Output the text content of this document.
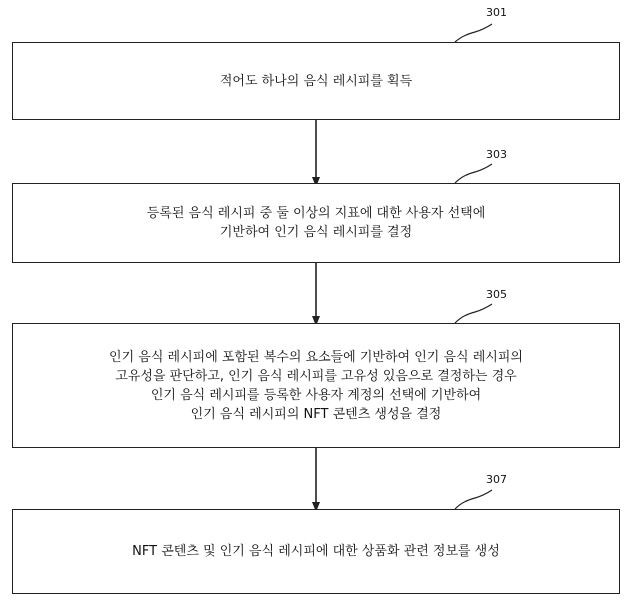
301
303
305
307
적어도 하나의 음식 레시피를 획득
등록된 음식 레시피 중 둘 이상의 지표에 대한 사용자 선택에
기반하여 인기 음식 레시피를 결정
인기 음식 레시피에 포함된 복수의 요소들에 기반하여 인기 음식 레시피의
고유성을 판단하고, 인기 음식 레시피를 고유성 있음으로 결정하는 경우
인기 음식 레시피를 등록한 사용자 계정의 선택에 기반하여
인기 음식 레시피의 NFT 콘텐츠 생성을 결정
NFT 콘텐츠 및 인기 음식 레시피에 대한 상품화 관련 정보를 생성
